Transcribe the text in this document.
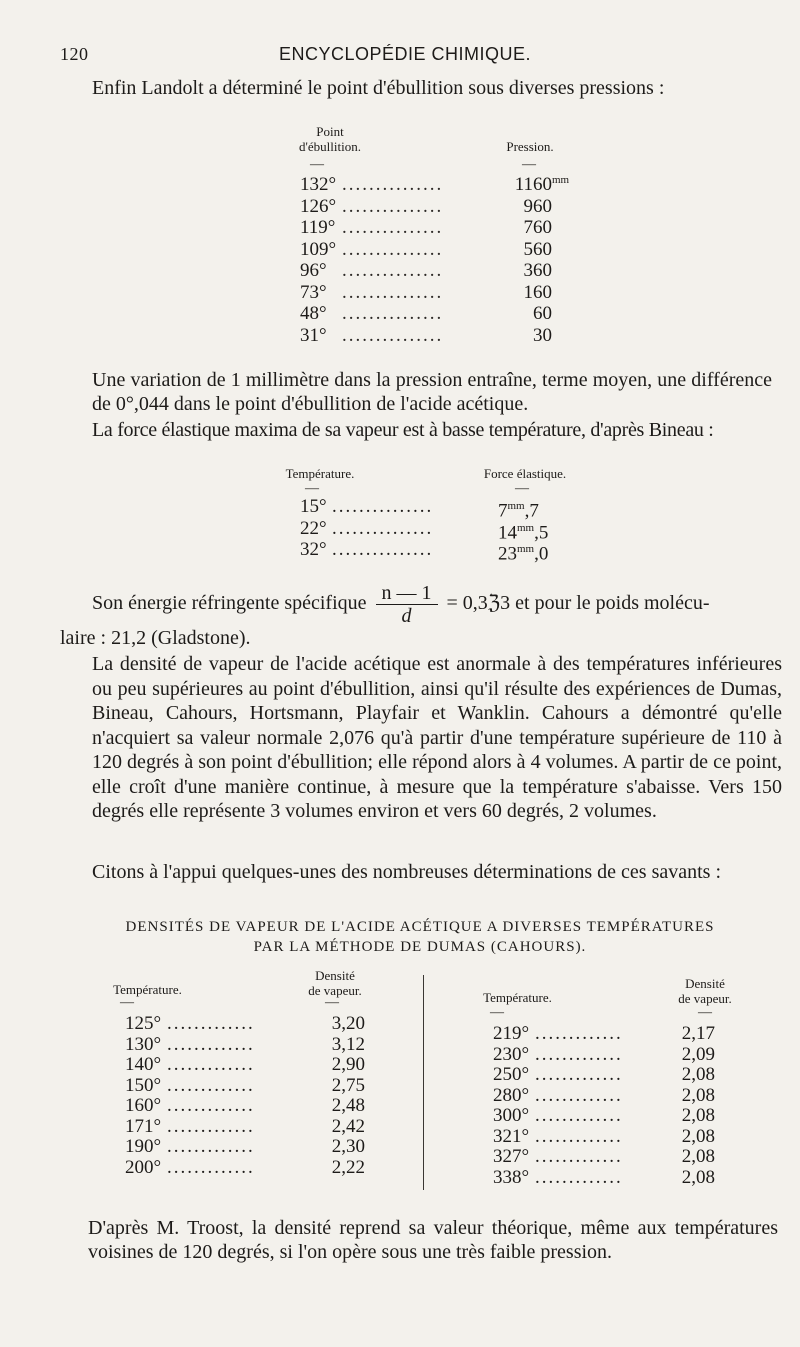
120	ENCYCLOPÉDIE CHIMIQUE.
Enfin Landolt a déterminé le point d'ébullition sous diverses pressions :
Point
d'ébullition.	Pression.
—	—
132° ...............	1160 mm
126° ...............	960
119° ...............	760
109° ...............	560
96° ...............	360
73° ...............	160
48° ...............	60
31° ...............	30
Une variation de 1 millimètre dans la pression entraîne, terme moyen, une différence de 0°,044 dans le point d'ébullition de l'acide acétique.
La force élastique maxima de sa vapeur est à basse température, d'après Bineau :
Température.	Force élastique.
—	—
15° ...............	$7^{mm},7$
22° ...............	$14^{mm},5$
32° ...............	$23^{mm},0$
Son énergie réfringente spécifique $\frac{n — 1}{d}$ = 0,3ℨ3 et pour le poids molécu-
laire : 21,2 (Gladstone).
La densité de vapeur de l'acide acétique est anormale à des températures inférieures ou peu supérieures au point d'ébullition, ainsi qu'il résulte des expériences de Dumas, Bineau, Cahours, Hortsmann, Playfair et Wanklin. Cahours a démontré qu'elle n'acquiert sa valeur normale 2,076 qu'à partir d'une température supérieure de 110 à 120 degrés à son point d'ébullition; elle répond alors à 4 volumes. A partir de ce point, elle croît d'une manière continue, à mesure que la température s'abaisse. Vers 150 degrés elle représente 3 volumes environ et vers 60 degrés, 2 volumes.
Citons à l'appui quelques-unes des nombreuses déterminations de ces savants :
DENSITÉS DE VAPEUR DE L'ACIDE ACÉTIQUE A DIVERSES TEMPÉRATURES
PAR LA MÉTHODE DE DUMAS (CAHOURS).
Température.
Densité
de vapeur.
—	—	Température.
Densité
de vapeur.
—	—
125° .............	3,20
130° .............	3,12
140° .............	2,90
150° .............	2,75
160° .............	2,48
171° .............	2,42
190° .............	2,30
200° .............	2,22
219° .............	2,17
230° .............	2,09
250° .............	2,08
280° .............	2,08
300° .............	2,08
321° .............	2,08
327° .............	2,08
338° .............	2,08
D'après M. Troost, la densité reprend sa valeur théorique, même aux températures voisines de 120 degrés, si l'on opère sous une très faible pression.
